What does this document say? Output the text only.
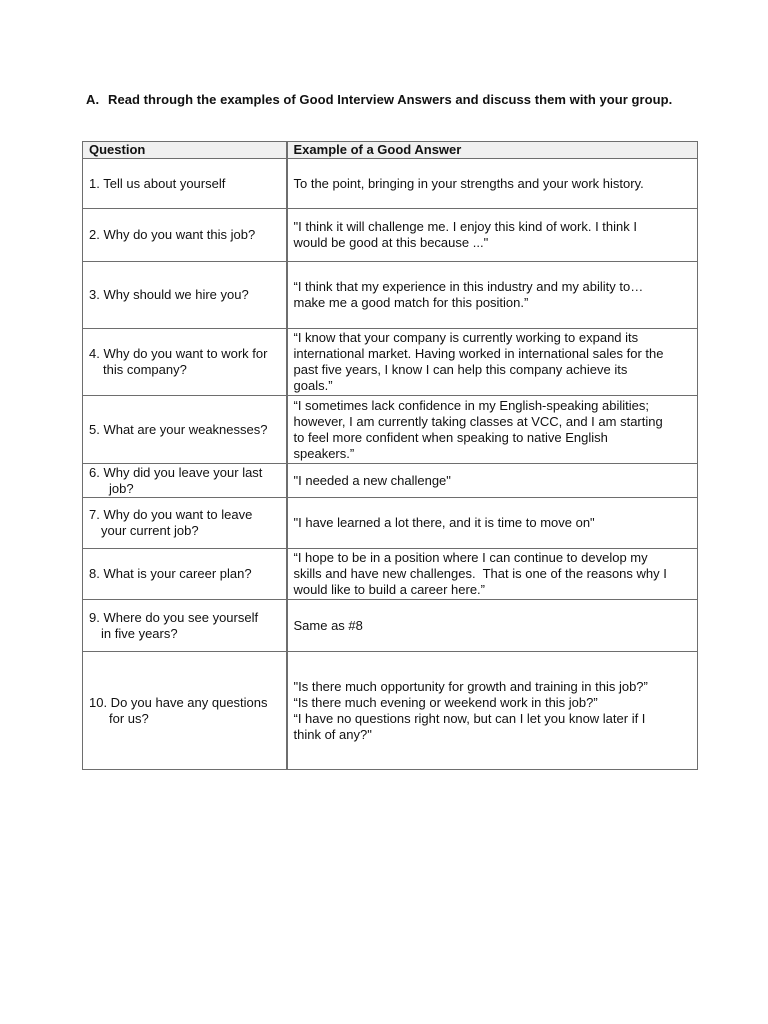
A. Read through the examples of Good Interview Answers and discuss them with your group.
Question	Example of a Good Answer

1. Tell us about yourself	To the point, bringing in your strengths and your work history.

2. Why do you want this job?	"I think it will challenge me. I enjoy this kind of work. I think I
would be good at this because ..."

3. Why should we hire you?	“I think that my experience in this industry and my ability to…
make me a good match for this position.”

4. Why do you want to work for
this company?	“I know that your company is currently working to expand its
international market. Having worked in international sales for the
past five years, I know I can help this company achieve its
goals.”

5. What are your weaknesses?	“I sometimes lack confidence in my English-speaking abilities;
however, I am currently taking classes at VCC, and I am starting
to feel more confident when speaking to native English
speakers.”

6. Why did you leave your last
job?	"I needed a new challenge"

7. Why do you want to leave
your current job?	"I have learned a lot there, and it is time to move on"

8. What is your career plan?	“I hope to be in a position where I can continue to develop my
skills and have new challenges.  That is one of the reasons why I
would like to build a career here.”

9. Where do you see yourself
in five years?	Same as #8

10. Do you have any questions
for us?	"Is there much opportunity for growth and training in this job?”
“Is there much evening or weekend work in this job?”
“I have no questions right now, but can I let you know later if I
think of any?"
